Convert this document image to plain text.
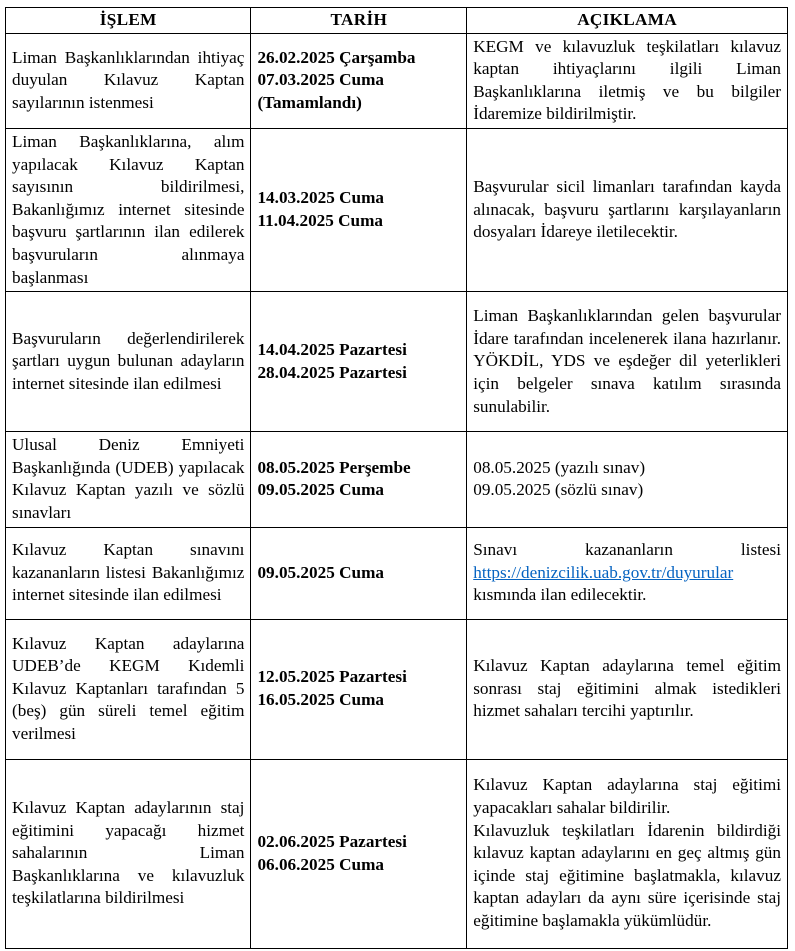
İŞLEM	TARİH	AÇIKLAMA
Liman Başkanlıklarından ihtiyaç duyulan Kılavuz Kaptan sayılarının istenmesi	26.02.2025 Çarşamba
07.03.2025 Cuma
(Tamamlandı)	KEGM ve kılavuzluk teşkilatları kılavuz kaptan ihtiyaçlarını ilgili Liman Başkanlıklarına iletmiş ve bu bilgiler İdaremize bildirilmiştir.

Liman Başkanlıklarına, alım yapılacak Kılavuz Kaptan sayısının bildirilmesi, Bakanlığımız internet sitesinde başvuru şartlarının ilan edilerek başvuruların alınmaya başlanması	14.03.2025 Cuma
11.04.2025 Cuma	Başvurular sicil limanları tarafından kayda alınacak, başvuru şartlarını karşılayanların dosyaları İdareye iletilecektir.

Başvuruların değerlendirilerek şartları uygun bulunan adayların internet sitesinde ilan edilmesi	14.04.2025 Pazartesi
28.04.2025 Pazartesi	Liman Başkanlıklarından gelen başvurular İdare tarafından incelenerek ilana hazırlanır. YÖKDİL, YDS ve eşdeğer dil yeterlikleri için belgeler sınava katılım sırasında sunulabilir.

Ulusal Deniz Emniyeti Başkanlığında (UDEB) yapılacak Kılavuz Kaptan yazılı ve sözlü sınavları	08.05.2025 Perşembe
09.05.2025 Cuma	08.05.2025 (yazılı sınav)
09.05.2025 (sözlü sınav)

Kılavuz Kaptan sınavını kazananların listesi Bakanlığımız internet sitesinde ilan edilmesi	09.05.2025 Cuma	Sınavı kazananların listesi
https://denizcilik.uab.gov.tr/duyurular
kısmında ilan edilecektir.

Kılavuz Kaptan adaylarına UDEB’de KEGM Kıdemli Kılavuz Kaptanları tarafından 5 (beş) gün süreli temel eğitim verilmesi	12.05.2025 Pazartesi
16.05.2025 Cuma	Kılavuz Kaptan adaylarına temel eğitim sonrası staj eğitimini almak istedikleri hizmet sahaları tercihi yaptırılır.

Kılavuz Kaptan adaylarının staj eğitimini yapacağı hizmet sahalarının Liman Başkanlıklarına ve kılavuzluk teşkilatlarına bildirilmesi	02.06.2025 Pazartesi
06.06.2025 Cuma	Kılavuz Kaptan adaylarına staj eğitimi yapacakları sahalar bildirilir.
Kılavuzluk teşkilatları İdarenin bildirdiği kılavuz kaptan adaylarını en geç altmış gün içinde staj eğitimine başlatmakla, kılavuz kaptan adayları da aynı süre içerisinde staj eğitimine başlamakla yükümlüdür.
